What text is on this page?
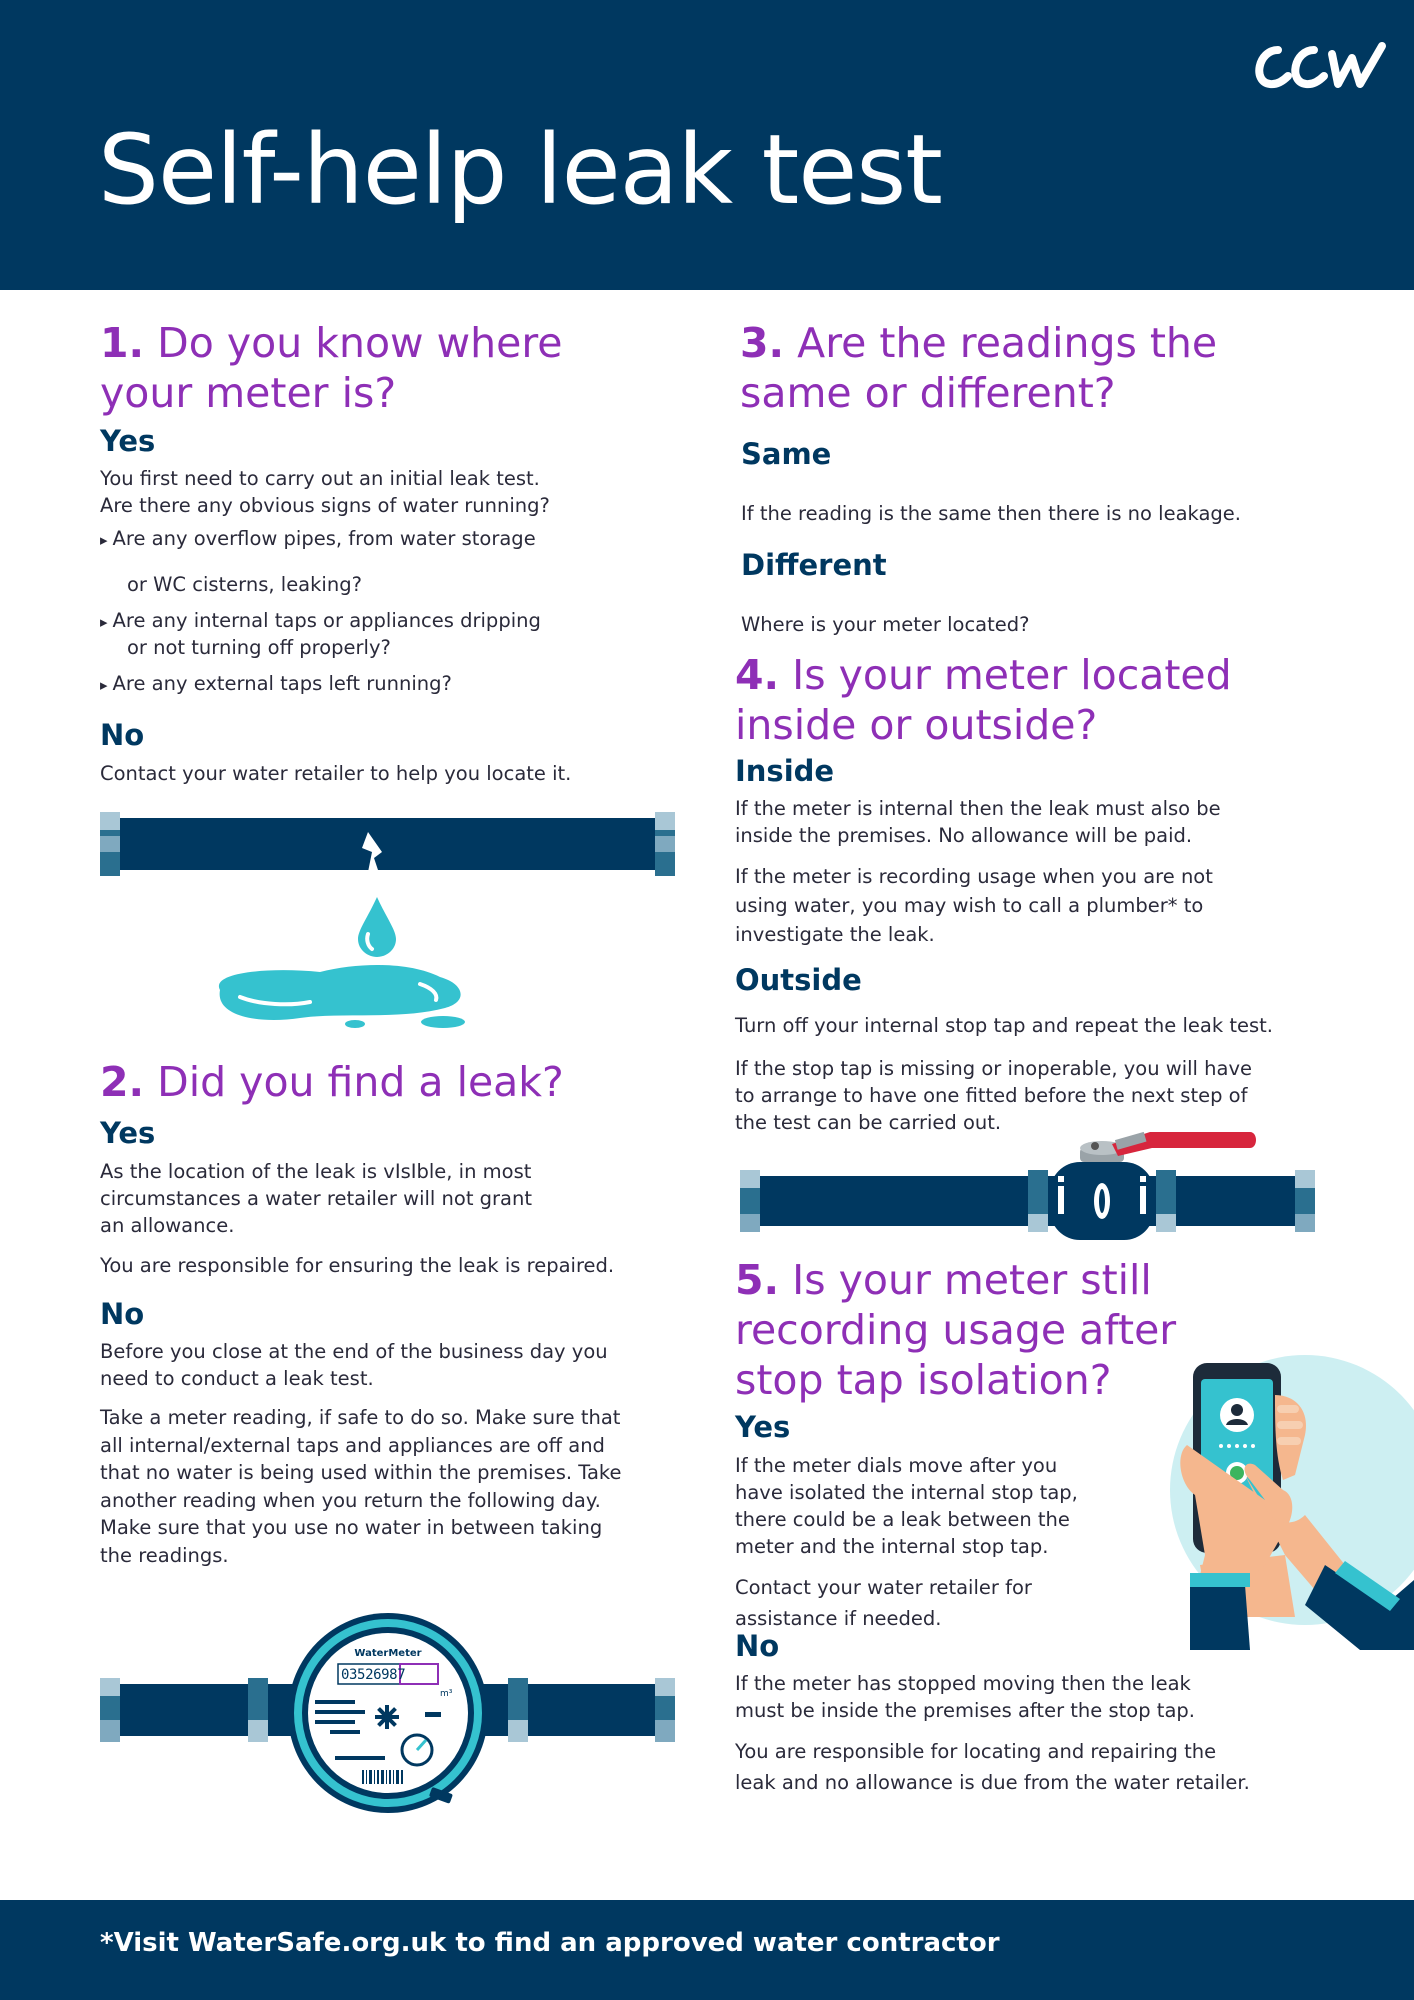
Self-help leak test
1. Do you know where
your meter is?
Yes

You first need to carry out an initial leak test.
Are there any obvious signs of water running?

▸ Are any overflow pipes, from water storage

or WC cisterns, leaking?

▸ Are any internal taps or appliances dripping

or not turning off properly?

▸ Are any external taps left running?

No

Contact your water retailer to help you locate it.

2. Did you find a leak?
Yes

As the location of the leak is vIsIble, in most
circumstances a water retailer will not grant
an allowance.

You are responsible for ensuring the leak is repaired.

No

Before you close at the end of the business day you
need to conduct a leak test.

Take a meter reading, if safe to do so. Make sure that
all internal/external taps and appliances are off and
that no water is being used within the premises. Take
another reading when you return the following day.
Make sure that you use no water in between taking
the readings.

WaterMeter
03526987
m³
3. Are the readings the
same or different?
Same

If the reading is the same then there is no leakage.

Different

Where is your meter located?

4. Is your meter located
inside or outside?
Inside

If the meter is internal then the leak must also be
inside the premises. No allowance will be paid.

If the meter is recording usage when you are not
using water, you may wish to call a plumber* to
investigate the leak.

Outside

Turn off your internal stop tap and repeat the leak test.

If the stop tap is missing or inoperable, you will have
to arrange to have one fitted before the next step of
the test can be carried out.

5. Is your meter still
recording usage after
stop tap isolation?
Yes

If the meter dials move after you
have isolated the internal stop tap,
there could be a leak between the
meter and the internal stop tap.

Contact your water retailer for
assistance if needed.

No

If the meter has stopped moving then the leak
must be inside the premises after the stop tap.

You are responsible for locating and repairing the
leak and no allowance is due from the water retailer.

*Visit WaterSafe.org.uk to find an approved water contractor
